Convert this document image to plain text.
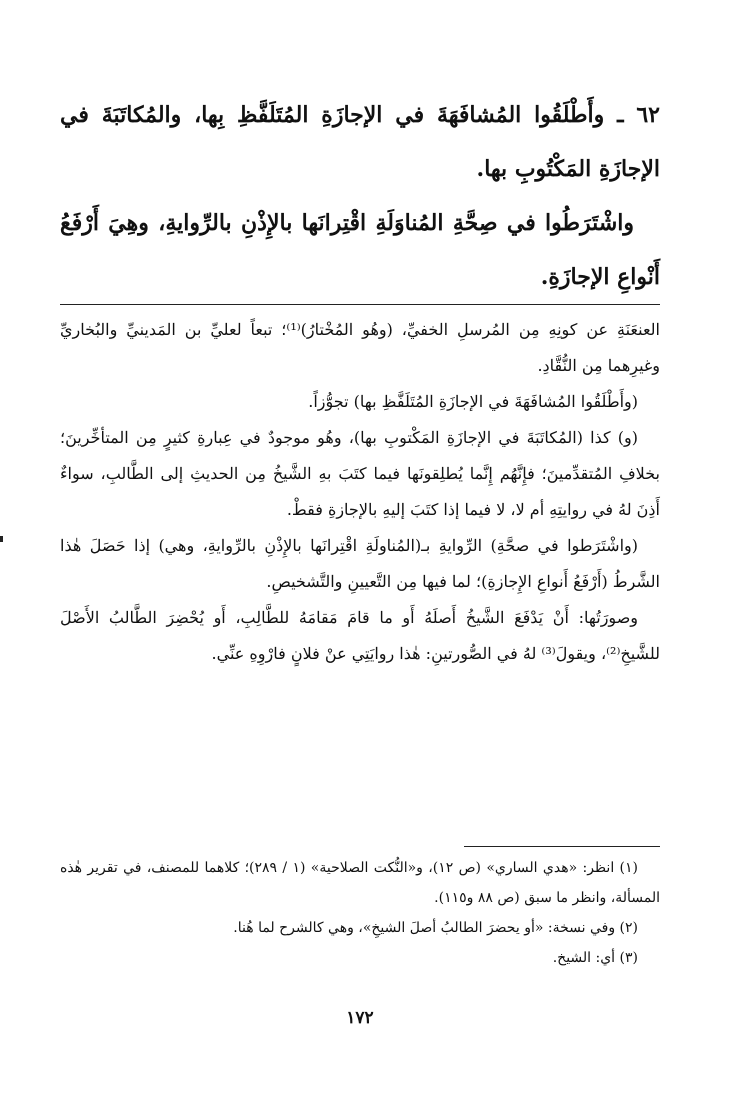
٦٢ ـ وأَطْلَقُوا المُشافَهَةَ في الإجازَةِ المُتَلَفَّظِ بِها، والمُكاتَبَةَ في الإجازَةِ المَكْتُوبِ بها.

واشْتَرَطُوا في صِحَّةِ المُناوَلَةِ اقْتِرانَها بالإِذْنِ بالرِّوايةِ، وهِيَ أَرْفَعُ أَنْواعِ الإجازَةِ.

العنعَنَةِ عن كونِهِ مِن المُرسلِ الخفيِّ، (وهُو المُخْتارُ)⁽¹⁾؛ تبعاً لعليِّ بن المَدينيِّ والبُخاريِّ وغيرِهما مِن النُّقَّادِ.

(وأَطْلَقُوا المُشافَهَةَ في الإجازَةِ المُتَلَفَّظِ بها) تجوُّزاً.

(و) كذا (المُكاتَبَةَ في الإجازَةِ المَكْتوبِ بها)، وهُو موجودٌ في عِبارةِ كثيرٍ مِن المتأخِّرينَ؛ بخلافِ المُتقدِّمينَ؛ فإِنَّهُم إِنَّما يُطلِقونَها فيما كتَبَ بهِ الشَّيخُ مِن الحديثِ إلى الطَّالبِ، سواءٌ أَذِنَ لهُ في روايتِهِ أم لا، لا فيما إذا كتَبَ إليهِ بالإجازةِ فقطْ.

(واشْتَرَطوا في صحَّةِ) الرِّوايةِ بـ(المُناولَةِ اقْتِرانَها بالإِذْنِ بالرِّوايةِ، وهي) إذا حَصَلَ هٰذا الشَّرطُ (أَرْفَعُ أَنواعِ الإِجازةِ)؛ لما فيها مِن التَّعيينِ والتَّشخيصِ.

وصورَتُها: أَنْ يَدْفَعَ الشَّيخُ أَصلَهُ أَو ما قامَ مَقامَهُ للطَّالِبِ، أَو يُحْضِرَ الطَّالبُ الأَصْلَ للشَّيخِ⁽²⁾، ويقولَ⁽³⁾ لهُ في الصُّورتينِ: هٰذا روايَتِي عنْ فلانٍ فارْوِهِ عنِّي.

(١) انظر: «هدي الساري» (ص ١٢)، و«النُّكت الصلاحية» (١ / ٢٨٩)؛ كلاهما للمصنف، في تقرير هٰذه المسألة، وانظر ما سبق (ص ٨٨ و١١٥).

(٢) وفي نسخة: «أو يحضرَ الطالبُ أصلَ الشيخِ»، وهي كالشرح لما هُنا.

(٣) أي: الشيخ.

١٧٢
